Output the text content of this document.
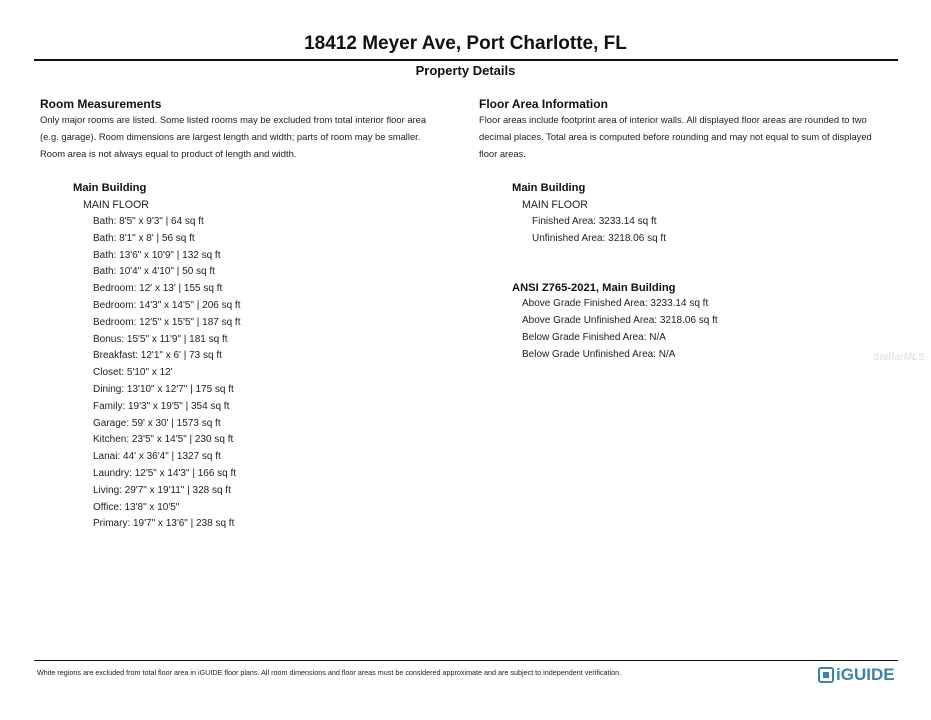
18412 Meyer Ave, Port Charlotte, FL
Property Details
Room Measurements
Only major rooms are listed. Some listed rooms may be excluded from total interior floor area
(e.g. garage). Room dimensions are largest length and width; parts of room may be smaller.
Room area is not always equal to product of length and width.
Main Building
MAIN FLOOR
Bath: 8'5" x 9'3" | 64 sq ft
Bath: 8'1" x 8' | 56 sq ft
Bath: 13'6" x 10'9" | 132 sq ft
Bath: 10'4" x 4'10" | 50 sq ft
Bedroom: 12' x 13' | 155 sq ft
Bedroom: 14'3" x 14'5" | 206 sq ft
Bedroom: 12'5" x 15'5" | 187 sq ft
Bonus: 15'5" x 11'9" | 181 sq ft
Breakfast: 12'1" x 6' | 73 sq ft
Closet: 5'10" x 12'
Dining: 13'10" x 12'7" | 175 sq ft
Family: 19'3" x 19'5" | 354 sq ft
Garage: 59' x 30' | 1573 sq ft
Kitchen: 23'5" x 14'5" | 230 sq ft
Lanai: 44' x 36'4" | 1327 sq ft
Laundry: 12'5" x 14'3" | 166 sq ft
Living: 29'7" x 19'11" | 328 sq ft
Office: 13'8" x 10'5"
Primary: 19'7" x 13'6" | 238 sq ft
Floor Area Information
Floor areas include footprint area of interior walls. All displayed floor areas are rounded to two
decimal places. Total area is computed before rounding and may not equal to sum of displayed
floor areas.
Main Building
MAIN FLOOR
Finished Area: 3233.14 sq ft
Unfinished Area: 3218.06 sq ft
ANSI Z765-2021, Main Building
Above Grade Finished Area: 3233.14 sq ft
Above Grade Unfinished Area: 3218.06 sq ft
Below Grade Finished Area: N/A
Below Grade Unfinished Area: N/A	StellarMLS
White regions are excluded from total floor area in iGUIDE floor plans. All room dimensions and floor areas must be considered approximate and are subject to independent verification.	iGUIDE
